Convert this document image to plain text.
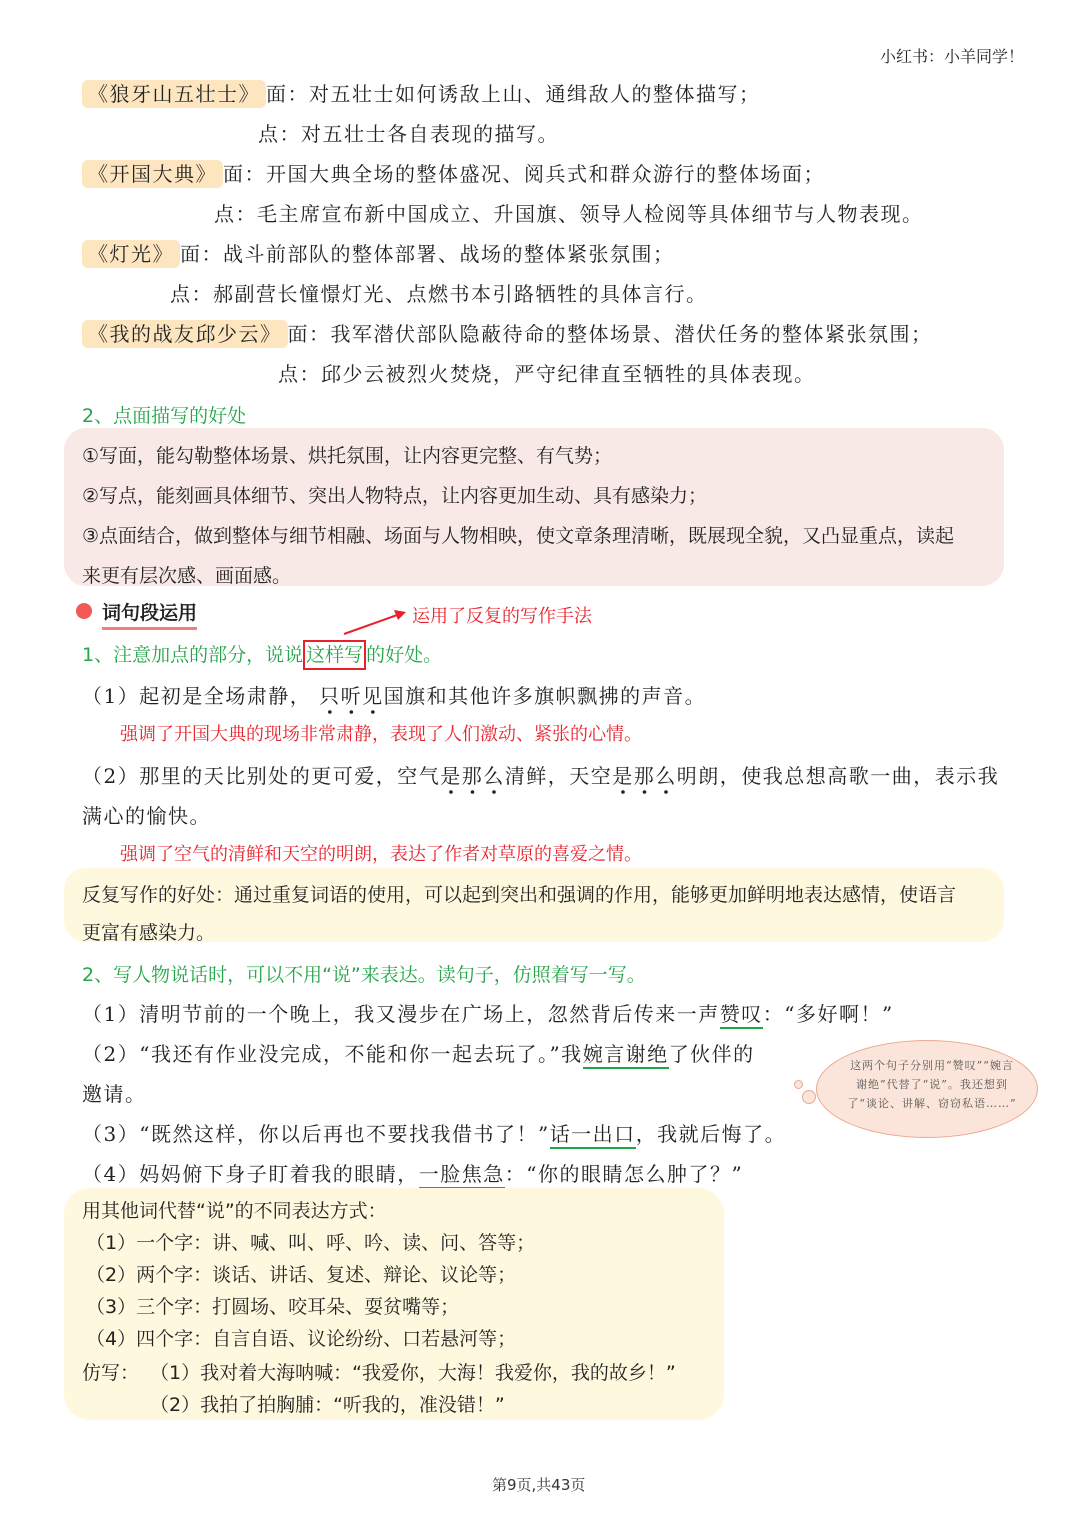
小红书：小羊同学！
《狼牙山五壮士》 面：对五壮士如何诱敌上山、通缉敌人的整体描写；
点：对五壮士各自表现的描写。
《开国大典》 面：开国大典全场的整体盛况、阅兵式和群众游行的整体场面；
点：毛主席宣布新中国成立、升国旗、领导人检阅等具体细节与人物表现。
《灯光》 面：战斗前部队的整体部署、战场的整体紧张氛围；
点：郝副营长憧憬灯光、点燃书本引路牺牲的具体言行。
《我的战友邱少云》 面：我军潜伏部队隐蔽待命的整体场景、潜伏任务的整体紧张氛围；
点：邱少云被烈火焚烧，严守纪律直至牺牲的具体表现。
2、点面描写的好处
①写面，能勾勒整体场景、烘托氛围，让内容更完整、有气势；
②写点，能刻画具体细节、突出人物特点，让内容更加生动、具有感染力；
③点面结合，做到整体与细节相融、场面与人物相映，使文章条理清晰，既展现全貌，又凸显重点，读起
来更有层次感、画面感。
词句段运用	运用了反复的写作手法
1、注意加点的部分，说说 这样写 的好处。
（1）起初是全场肃静， 只听见国旗和其他许多旗帜飘拂的声音。
强调了开国大典的现场非常肃静，表现了人们激动、紧张的心情。
（2）那里的天比别处的更可爱，空气是那么清鲜，天空是那么明朗，使我总想高歌一曲，表示我
满心的愉快。
强调了空气的清鲜和天空的明朗，表达了作者对草原的喜爱之情。
反复写作的好处：通过重复词语的使用，可以起到突出和强调的作用，能够更加鲜明地表达感情，使语言
更富有感染力。
2、写人物说话时，可以不用“说”来表达。读句子，仿照着写一写。
（1）清明节前的一个晚上，我又漫步在广场上，忽然背后传来一声赞叹：“多好啊！”
（2）“我还有作业没完成，不能和你一起去玩了。”我婉言谢绝了伙伴的
邀请。
（3）“既然这样，你以后再也不要找我借书了！”话一出口，我就后悔了。
（4）妈妈俯下身子盯着我的眼睛，一脸焦急：“你的眼睛怎么肿了？”
这两个句子分别用“赞叹”“婉言谢绝”代替了“说”。我还想到了“谈论、讲解、窃窃私语……”
用其他词代替“说”的不同表达方式：
（1）一个字：讲、喊、叫、呼、吟、读、问、答等；
（2）两个字：谈话、讲话、复述、辩论、议论等；
（3）三个字：打圆场、咬耳朵、耍贫嘴等；
（4）四个字：自言自语、议论纷纷、口若悬河等；
仿写： （1）我对着大海呐喊：“我爱你，大海！我爱你，我的故乡！”
（2）我拍了拍胸脯：“听我的，准没错！”
第9页,共43页
